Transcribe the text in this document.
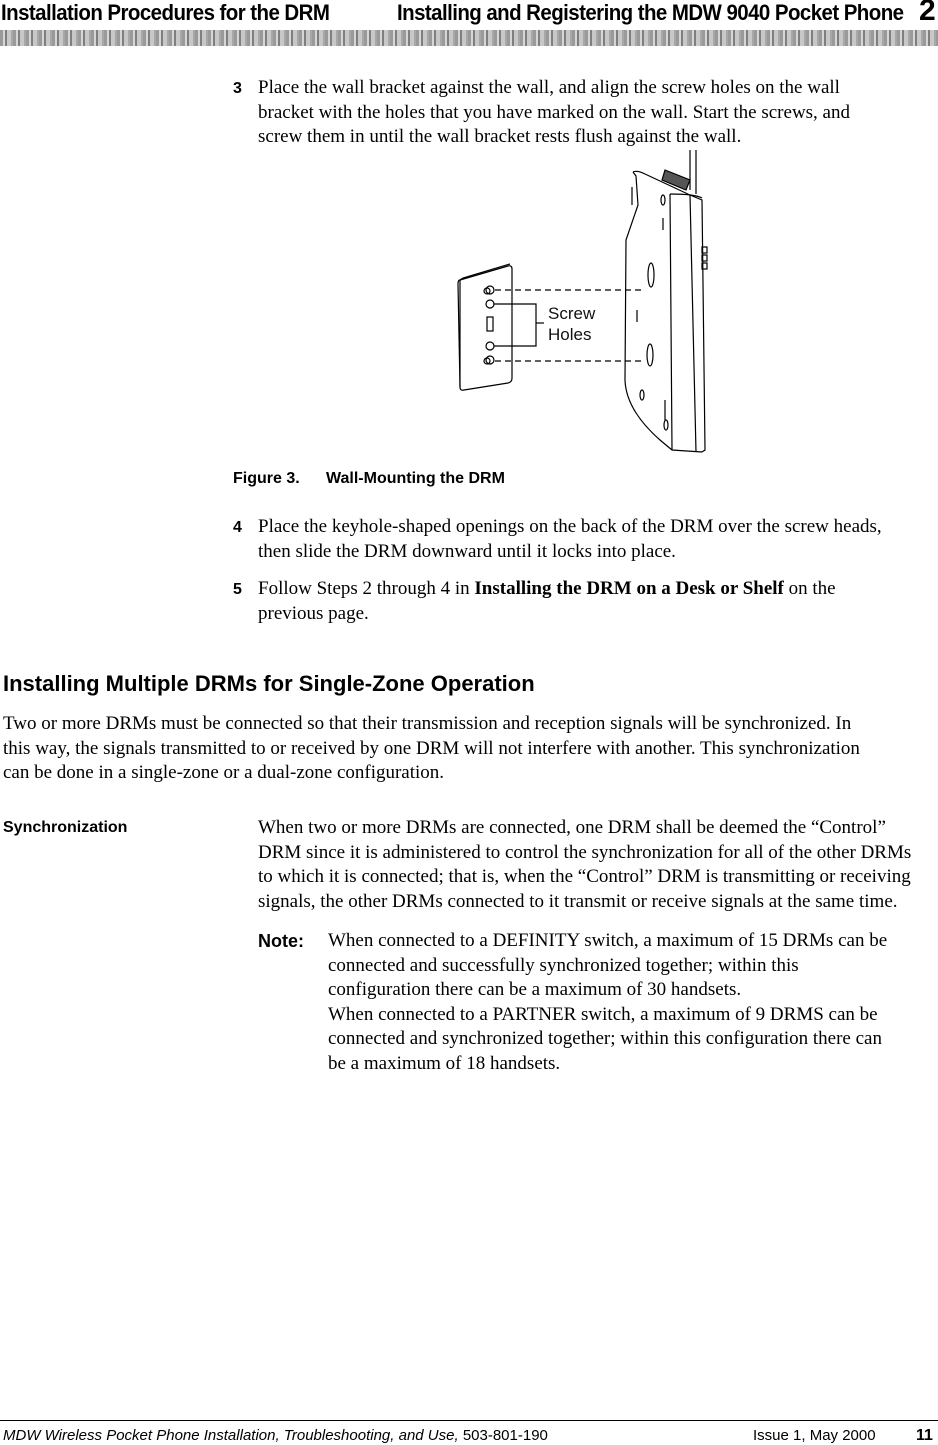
Installation Procedures for the DRM	Installing and Registering the MDW 9040 Pocket Phone 2
3 Place the wall bracket against the wall, and align the screw holes on the wall
bracket with the holes that you have marked on the wall. Start the screws, and
screw them in until the wall bracket rests flush against the wall.
Screw
Holes
Figure 3. Wall-Mounting the DRM
4 Place the keyhole-shaped openings on the back of the DRM over the screw heads,
then slide the DRM downward until it locks into place.
5 Follow Steps 2 through 4 in Installing the DRM on a Desk or Shelf on the
previous page.
Installing Multiple DRMs for Single-Zone Operation
Two or more DRMs must be connected so that their transmission and reception signals will be synchronized. In
this way, the signals transmitted to or received by one DRM will not interfere with another. This synchronization
can be done in a single-zone or a dual-zone configuration.
Synchronization	When two or more DRMs are connected, one DRM shall be deemed the “Control”
DRM since it is administered to control the synchronization for all of the other DRMs
to which it is connected; that is, when the “Control” DRM is transmitting or receiving
signals, the other DRMs connected to it transmit or receive signals at the same time.
Note: When connected to a DEFINITY switch, a maximum of 15 DRMs can be
connected and successfully synchronized together; within this
configuration there can be a maximum of 30 handsets.
When connected to a PARTNER switch, a maximum of 9 DRMS can be
connected and synchronized together; within this configuration there can
be a maximum of 18 handsets.
MDW Wireless Pocket Phone Installation, Troubleshooting, and Use, 503-801-190	Issue 1, May 2000	11
